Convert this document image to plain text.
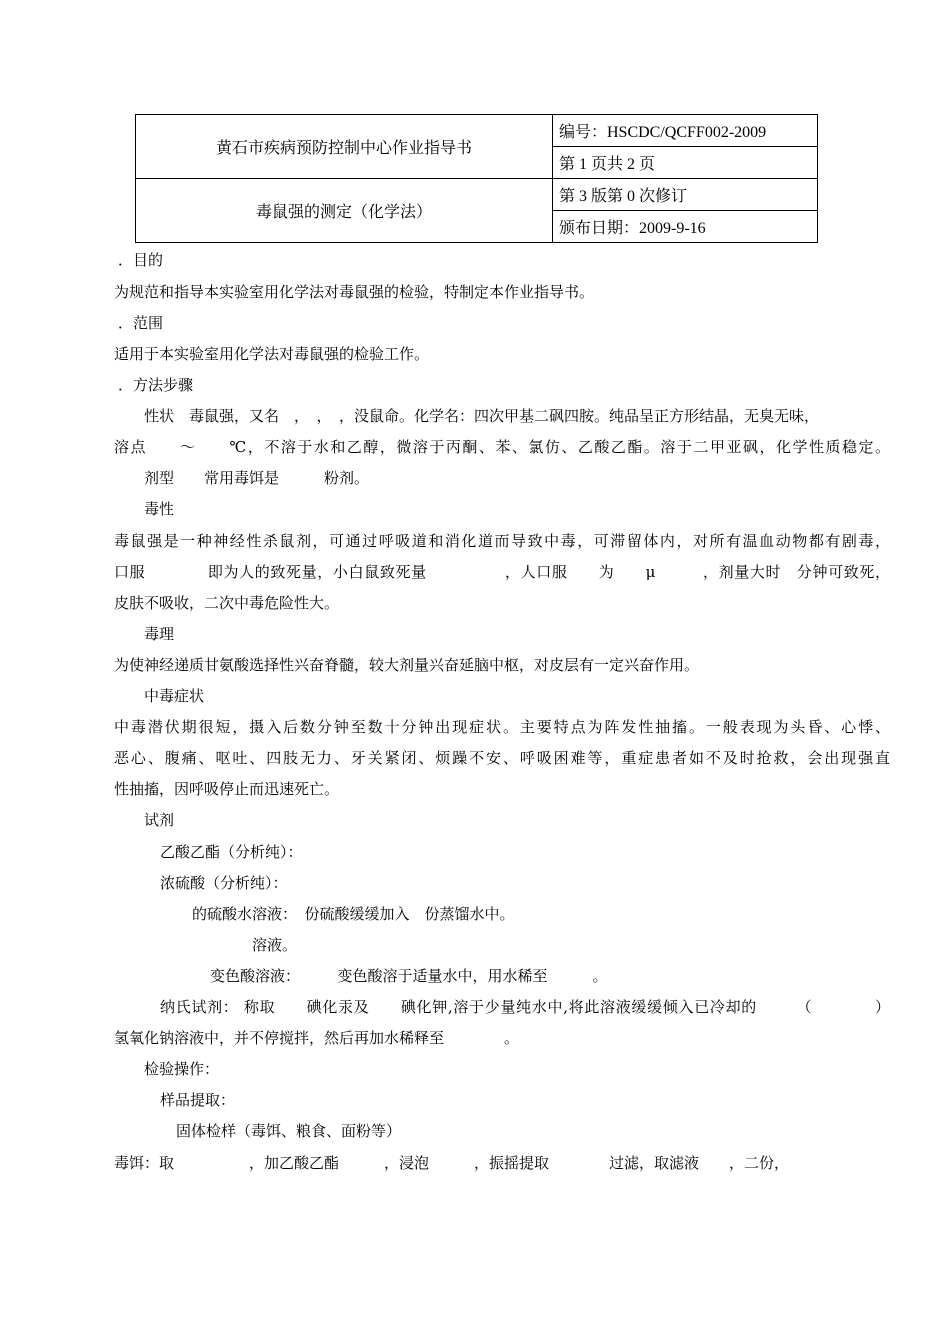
黄石市疾病预防控制中心作业指导书	编号：HSCDC/QCFF002-2009
	第 1 页共 2 页
毒鼠强的测定（化学法）	第 3 版第 0 次修订
	颁布日期：2009-9-16
．目的
为规范和指导本实验室用化学法对毒鼠强的检验，特制定本作业指导书。
．范围
适用于本实验室用化学法对毒鼠强的检验工作。
．方法步骤
性状　毒鼠强，又名　，　，　，没鼠命。化学名：四次甲基二砜四胺。纯品呈正方形结晶，无臭无味，
溶点　　～　　℃，不溶于水和乙醇，微溶于丙酮、苯、氯仿、乙酸乙酯。溶于二甲亚砜，化学性质稳定。
剂型　　常用毒饵是　　　粉剂。
毒性
毒鼠强是一种神经性杀鼠剂，可通过呼吸道和消化道而导致中毒，可滞留体内，对所有温血动物都有剧毒，
口服　　　　即为人的致死量，小白鼠致死量　　　　　，人口服　　为　　μ　　　，剂量大时　分钟可致死，
皮肤不吸收，二次中毒危险性大。
毒理
为使神经递质甘氨酸选择性兴奋脊髓，较大剂量兴奋延脑中枢，对皮层有一定兴奋作用。
中毒症状
中毒潜伏期很短，摄入后数分钟至数十分钟出现症状。主要特点为阵发性抽搐。一般表现为头昏、心悸、
恶心、腹痛、呕吐、四肢无力、牙关紧闭、烦躁不安、呼吸困难等，重症患者如不及时抢救，会出现强直
性抽搐，因呼吸停止而迅速死亡。
试剂
乙酸乙酯（分析纯）：
浓硫酸（分析纯）：
的硫酸水溶液：　份硫酸缓缓加入　份蒸馏水中。
溶液。
变色酸溶液：　　　变色酸溶于适量水中，用水稀至　　　。
纳氏试剂： 称取　　碘化汞及　　碘化钾,溶于少量纯水中,将此溶液缓缓倾入已冷却的　　　（　　　　）
氢氧化钠溶液中，并不停搅拌，然后再加水稀释至　　　　。
检验操作：
样品提取：
固体检样（毒饵、粮食、面粉等）
毒饵：取　　　　　，加乙酸乙酯　　　，浸泡　　　，振摇提取　　　　过滤，取滤液　　，二份，
